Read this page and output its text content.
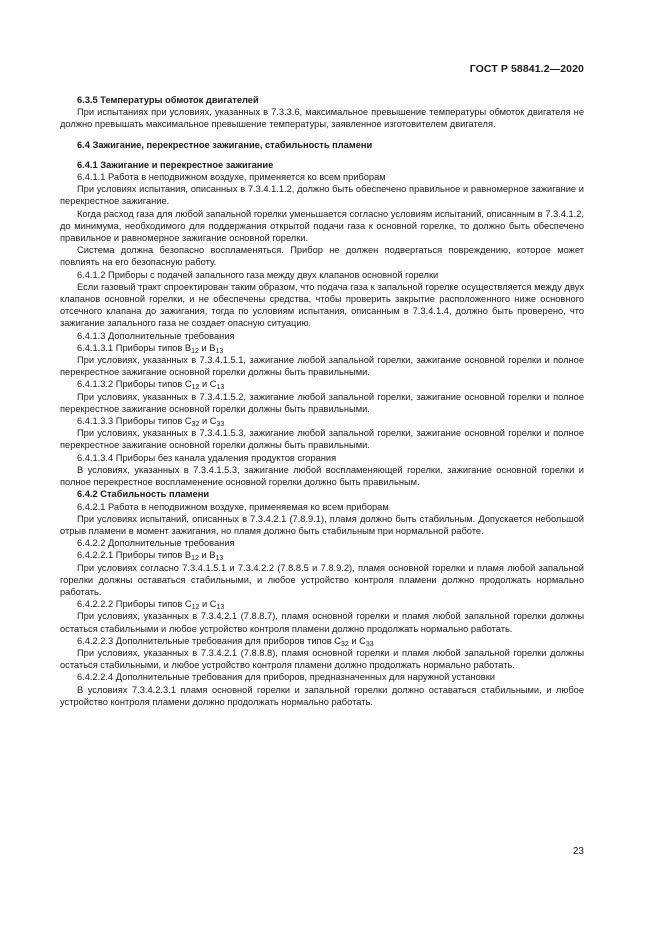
ГОСТ Р 58841.2—2020

6.3.5 Температуры обмоток двигателей

При испытаниях при условиях, указанных в 7.3.3.6, максимальное превышение температуры обмоток двигателя не должно превышать максимальное превышение температуры, заявленное изготовителем двигателя.

6.4 Зажигание, перекрестное зажигание, стабильность пламени

6.4.1 Зажигание и перекрестное зажигание

6.4.1.1 Работа в неподвижном воздухе, применяется ко всем приборам

При условиях испытания, описанных в 7.3.4.1.1.2, должно быть обеспечено правильное и равномерное зажигание и перекрестное зажигание.

Когда расход газа для любой запальной горелки уменьшается согласно условиям испытаний, описанным в 7.3.4.1.2, до минимума, необходимого для поддержания открытой подачи газа к основной горелке, то должно быть обеспечено правильное и равномерное зажигание основной горелки.

Система должна безопасно воспламеняться. Прибор не должен подвергаться повреждению, которое может повлиять на его безопасную работу.

6.4.1.2 Приборы с подачей запального газа между двух клапанов основной горелки

Если газовый тракт спроектирован таким образом, что подача газа к запальной горелке осуществляется между двух клапанов основной горелки, и не обеспечены средства, чтобы проверить закрытие расположенного ниже основного отсечного клапана до зажигания, тогда по условиям испытания, описанным в 7.3.4.1.4, должно быть проверено, что зажигание запального газа не создает опасную ситуацию.

6.4.1.3 Дополнительные требования

6.4.1.3.1 Приборы типов $B_{12}$ и $B_{13}$

При условиях, указанных в 7.3.4.1.5.1, зажигание любой запальной горелки, зажигание основной горелки и полное перекрестное зажигание основной горелки должны быть правильными.

6.4.1.3.2 Приборы типов $C_{12}$ и $C_{13}$

При условиях, указанных в 7.3.4.1.5.2, зажигание любой запальной горелки, зажигание основной горелки и полное перекрестное зажигание основной горелки должны быть правильными.

6.4.1.3.3 Приборы типов $C_{32}$ и $C_{33}$

При условиях, указанных в 7.3.4.1.5.3, зажигание любой запальной горелки, зажигание основной горелки и полное перекрестное зажигание основной горелки должны быть правильными.

6.4.1.3.4 Приборы без канала удаления продуктов сгорания

В условиях, указанных в 7.3.4.1.5.3, зажигание любой воспламеняющей горелки, зажигание основной горелки и полное перекрестное воспламенение основной горелки должно быть правильным.

6.4.2 Стабильность пламени

6.4.2.1 Работа в неподвижном воздухе, применяемая ко всем приборам

При условиях испытаний, описанных в 7.3.4.2.1 (7.8.9.1), пламя должно быть стабильным. Допускается небольшой отрыв пламени в момент зажигания, но пламя должно быть стабильным при нормальной работе.

6.4.2.2 Дополнительные требования

6.4.2.2.1 Приборы типов $B_{12}$ и $B_{13}$

При условиях согласно 7.3.4.1.5.1 и 7.3.4.2.2 (7.8.8.5 и 7.8.9.2), пламя основной горелки и пламя любой запальной горелки должны оставаться стабильными, и любое устройство контроля пламени должно продолжать нормально работать.

6.4.2.2.2 Приборы типов $C_{12}$ и $C_{13}$

При условиях, указанных в 7.3.4.2.1 (7.8.8.7), пламя основной горелки и пламя любой запальной горелки должны остаться стабильными и любое устройство контроля пламени должно продолжать нормально работать.

6.4.2.2.3 Дополнительные требования для приборов типов $C_{32}$ и $C_{33}$

При условиях, указанных в 7.3.4.2.1 (7.8.8.8), пламя основной горелки и пламя любой запальной горелки должны остаться стабильными, и любое устройство контроля пламени должно продолжать нормально работать.

6.4.2.2.4 Дополнительные требования для приборов, предназначенных для наружной установки

В условиях 7.3.4.2.3.1 пламя основной горелки и запальной горелки должно оставаться стабильными, и любое устройство контроля пламени должно продолжать нормально работать.

23
